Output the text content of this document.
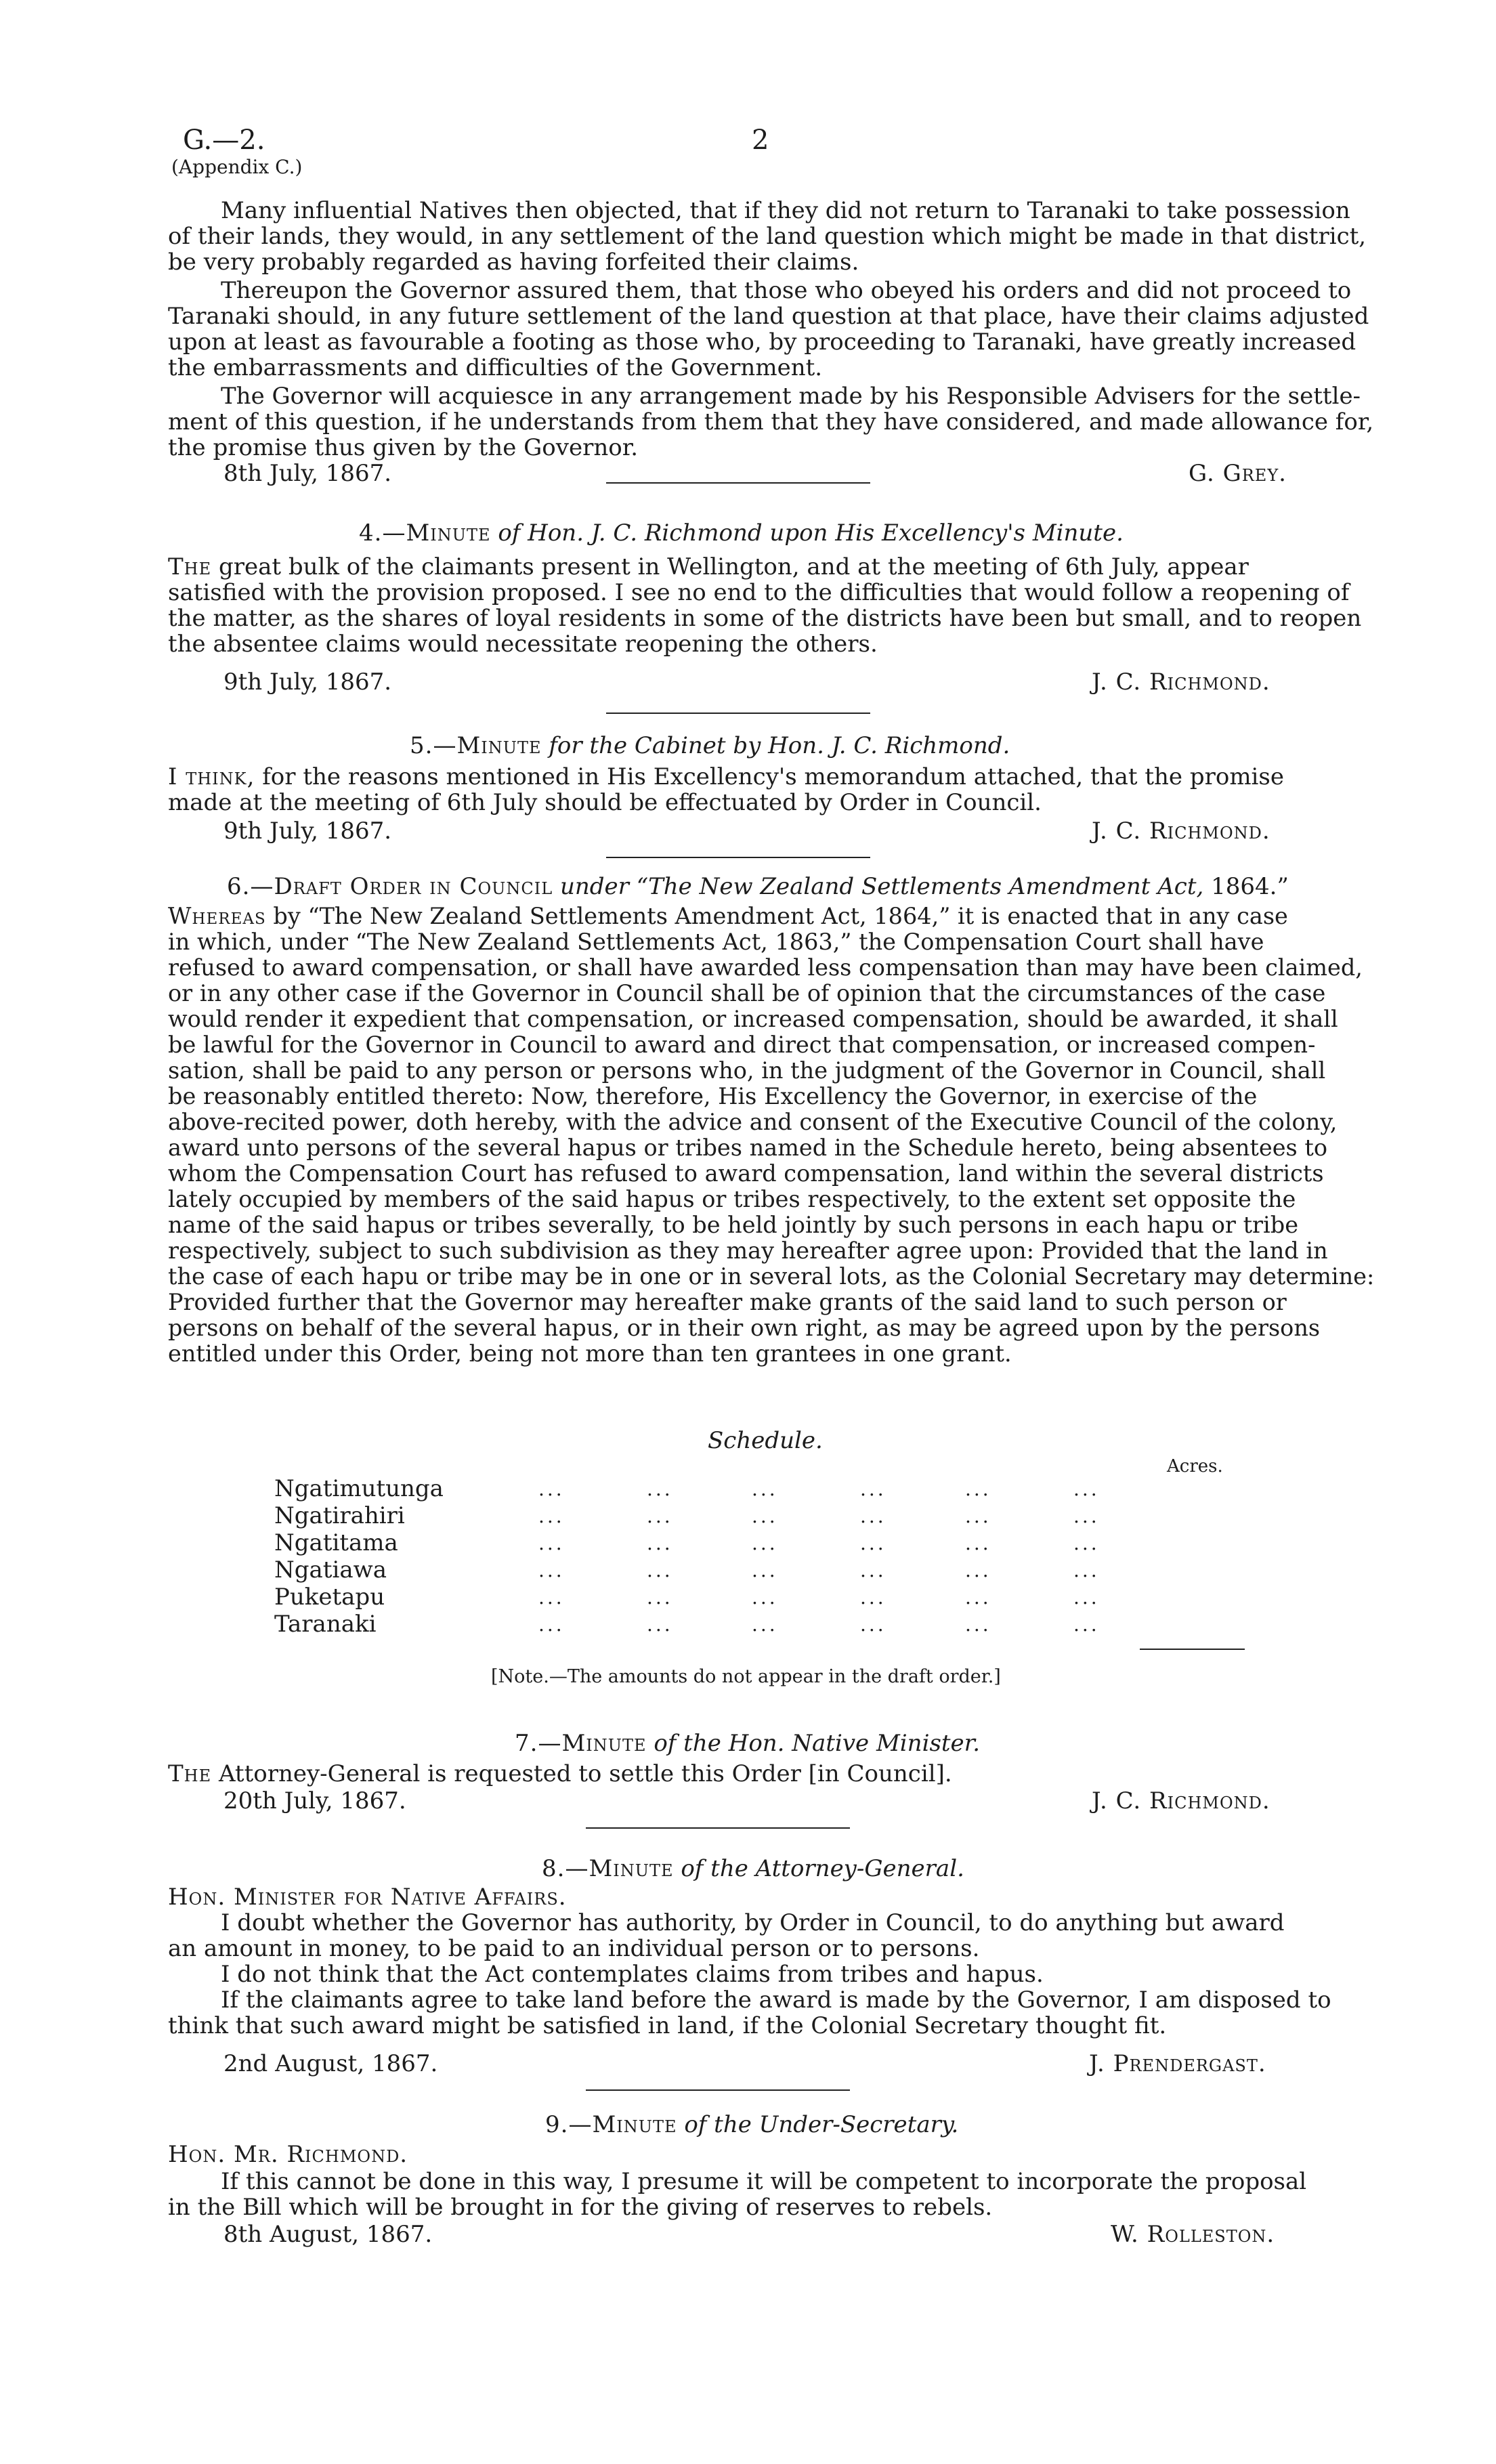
G.—2.	2
(Appendix C.)
Many influential Natives then objected, that if they did not return to Taranaki to take possession
of their lands, they would, in any settlement of the land question which might be made in that district,
be very probably regarded as having forfeited their claims.
Thereupon the Governor assured them, that those who obeyed his orders and did not proceed to
Taranaki should, in any future settlement of the land question at that place, have their claims adjusted
upon at least as favourable a footing as those who, by proceeding to Taranaki, have greatly increased
the embarrassments and difficulties of the Government.
The Governor will acquiesce in any arrangement made by his Responsible Advisers for the settle-
ment of this question, if he understands from them that they have considered, and made allowance for,
the promise thus given by the Governor.
8th July, 1867.	G. Grey.
4.—Minute of Hon. J. C. Richmond upon His Excellency's Minute.
The great bulk of the claimants present in Wellington, and at the meeting of 6th July, appear
satisfied with the provision proposed. I see no end to the difficulties that would follow a reopening of
the matter, as the shares of loyal residents in some of the districts have been but small, and to reopen
the absentee claims would necessitate reopening the others.
9th July, 1867.	J. C. Richmond.
5.—Minute for the Cabinet by Hon. J. C. Richmond.
I think, for the reasons mentioned in His Excellency's memorandum attached, that the promise
made at the meeting of 6th July should be effectuated by Order in Council.
9th July, 1867.	J. C. Richmond.
6.—Draft Order in Council under “The New Zealand Settlements Amendment Act, 1864.”
Whereas by “The New Zealand Settlements Amendment Act, 1864,” it is enacted that in any case
in which, under “The New Zealand Settlements Act, 1863,” the Compensation Court shall have
refused to award compensation, or shall have awarded less compensation than may have been claimed,
or in any other case if the Governor in Council shall be of opinion that the circumstances of the case
would render it expedient that compensation, or increased compensation, should be awarded, it shall
be lawful for the Governor in Council to award and direct that compensation, or increased compen-
sation, shall be paid to any person or persons who, in the judgment of the Governor in Council, shall
be reasonably entitled thereto: Now, therefore, His Excellency the Governor, in exercise of the
above-recited power, doth hereby, with the advice and consent of the Executive Council of the colony,
award unto persons of the several hapus or tribes named in the Schedule hereto, being absentees to
whom the Compensation Court has refused to award compensation, land within the several districts
lately occupied by members of the said hapus or tribes respectively, to the extent set opposite the
name of the said hapus or tribes severally, to be held jointly by such persons in each hapu or tribe
respectively, subject to such subdivision as they may hereafter agree upon: Provided that the land in
the case of each hapu or tribe may be in one or in several lots, as the Colonial Secretary may determine:
Provided further that the Governor may hereafter make grants of the said land to such person or
persons on behalf of the several hapus, or in their own right, as may be agreed upon by the persons
entitled under this Order, being not more than ten grantees in one grant.
Schedule.
Acres.
Ngatimutunga	...	...	...	...	...	...
Ngatirahiri	...	...	...	...	...	...
Ngatitama	...	...	...	...	...	...
Ngatiawa	...	...	...	...	...	...
Puketapu	...	...	...	...	...	...
Taranaki	...	...	...	...	...	...
[Note.—The amounts do not appear in the draft order.]
7.—Minute of the Hon. Native Minister.
The Attorney-General is requested to settle this Order [in Council].
20th July, 1867.	J. C. Richmond.
8.—Minute of the Attorney-General.
Hon. Minister for Native Affairs.
I doubt whether the Governor has authority, by Order in Council, to do anything but award
an amount in money, to be paid to an individual person or to persons.
I do not think that the Act contemplates claims from tribes and hapus.
If the claimants agree to take land before the award is made by the Governor, I am disposed to
think that such award might be satisfied in land, if the Colonial Secretary thought fit.
2nd August, 1867.	J. Prendergast.
9.—Minute of the Under-Secretary.
Hon. Mr. Richmond.
If this cannot be done in this way, I presume it will be competent to incorporate the proposal
in the Bill which will be brought in for the giving of reserves to rebels.
8th August, 1867.	W. Rolleston.
